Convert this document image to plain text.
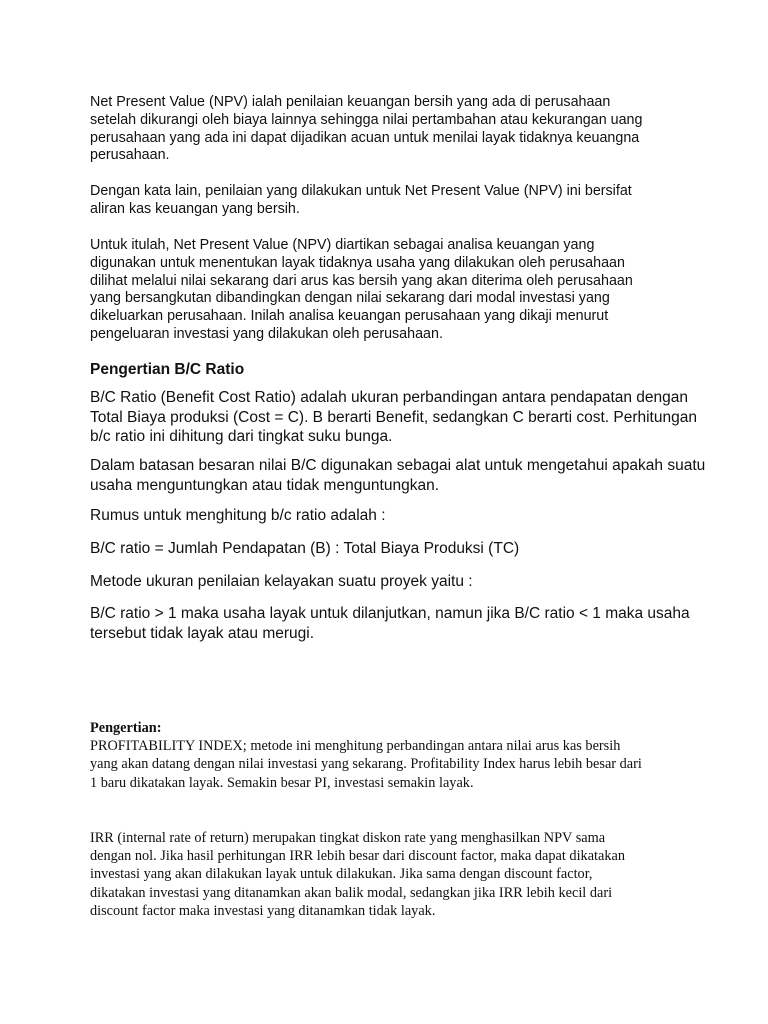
Net Present Value (NPV) ialah penilaian keuangan bersih yang ada di perusahaan
setelah dikurangi oleh biaya lainnya sehingga nilai pertambahan atau kekurangan uang
perusahaan yang ada ini dapat dijadikan acuan untuk menilai layak tidaknya keuangna
perusahaan.

Dengan kata lain, penilaian yang dilakukan untuk Net Present Value (NPV) ini bersifat
aliran kas keuangan yang bersih.

Untuk itulah, Net Present Value (NPV) diartikan sebagai analisa keuangan yang
digunakan untuk menentukan layak tidaknya usaha yang dilakukan oleh perusahaan
dilihat melalui nilai sekarang dari arus kas bersih yang akan diterima oleh perusahaan
yang bersangkutan dibandingkan dengan nilai sekarang dari modal investasi yang
dikeluarkan perusahaan. Inilah analisa keuangan perusahaan yang dikaji menurut
pengeluaran investasi yang dilakukan oleh perusahaan.

Pengertian B/C Ratio

B/C Ratio (Benefit Cost Ratio) adalah ukuran perbandingan antara pendapatan dengan
Total Biaya produksi (Cost = C). B berarti Benefit, sedangkan C berarti cost. Perhitungan
b/c ratio ini dihitung dari tingkat suku bunga.

Dalam batasan besaran nilai B/C digunakan sebagai alat untuk mengetahui apakah suatu
usaha menguntungkan atau tidak menguntungkan.

Rumus untuk menghitung b/c ratio adalah :

B/C ratio = Jumlah Pendapatan (B) : Total Biaya Produksi (TC)

Metode ukuran penilaian kelayakan suatu proyek yaitu :

B/C ratio > 1 maka usaha layak untuk dilanjutkan, namun jika B/C ratio < 1 maka usaha
tersebut tidak layak atau merugi.

Pengertian:
PROFITABILITY INDEX; metode ini menghitung perbandingan antara nilai arus kas bersih
yang akan datang dengan nilai investasi yang sekarang. Profitability Index harus lebih besar dari
1 baru dikatakan layak. Semakin besar PI, investasi semakin layak.

IRR (internal rate of return) merupakan tingkat diskon rate yang menghasilkan NPV sama
dengan nol. Jika hasil perhitungan IRR lebih besar dari discount factor, maka dapat dikatakan
investasi yang akan dilakukan layak untuk dilakukan. Jika sama dengan discount factor,
dikatakan investasi yang ditanamkan akan balik modal, sedangkan jika IRR lebih kecil dari
discount factor maka investasi yang ditanamkan tidak layak.
